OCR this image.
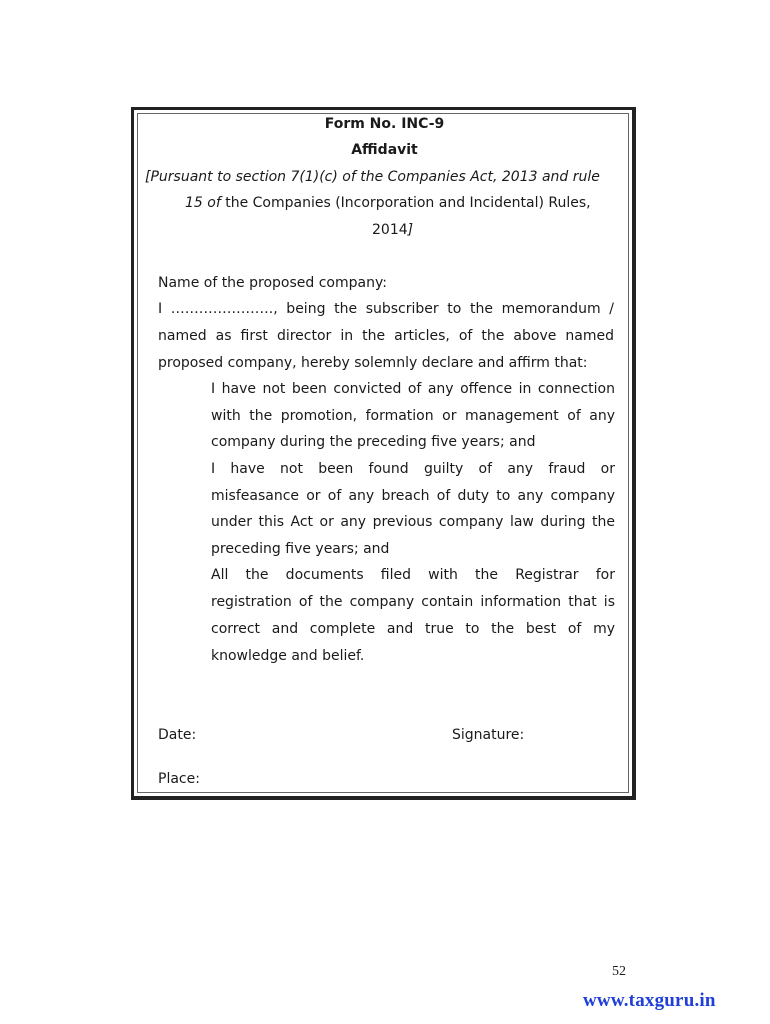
Form No. INC-9
Affidavit
[Pursuant to section 7(1)(c) of the Companies Act, 2013 and rule
15 of the Companies (Incorporation and Incidental) Rules,
2014]
Name of the proposed company:
I …………………., being the subscriber to the memorandum /
named as first director in the articles, of the above named
proposed company, hereby solemnly declare and affirm that:
I have not been convicted of any offence in connection
with the promotion, formation or management of any
company during the preceding five years; and
I have not been found guilty of any fraud or
misfeasance or of any breach of duty to any company
under this Act or any previous company law during the
preceding five years; and
All the documents filed with the Registrar for
registration of the company contain information that is
correct and complete and true to the best of my
knowledge and belief.
Date:	Signature:
Place:
52
www.taxguru.in
